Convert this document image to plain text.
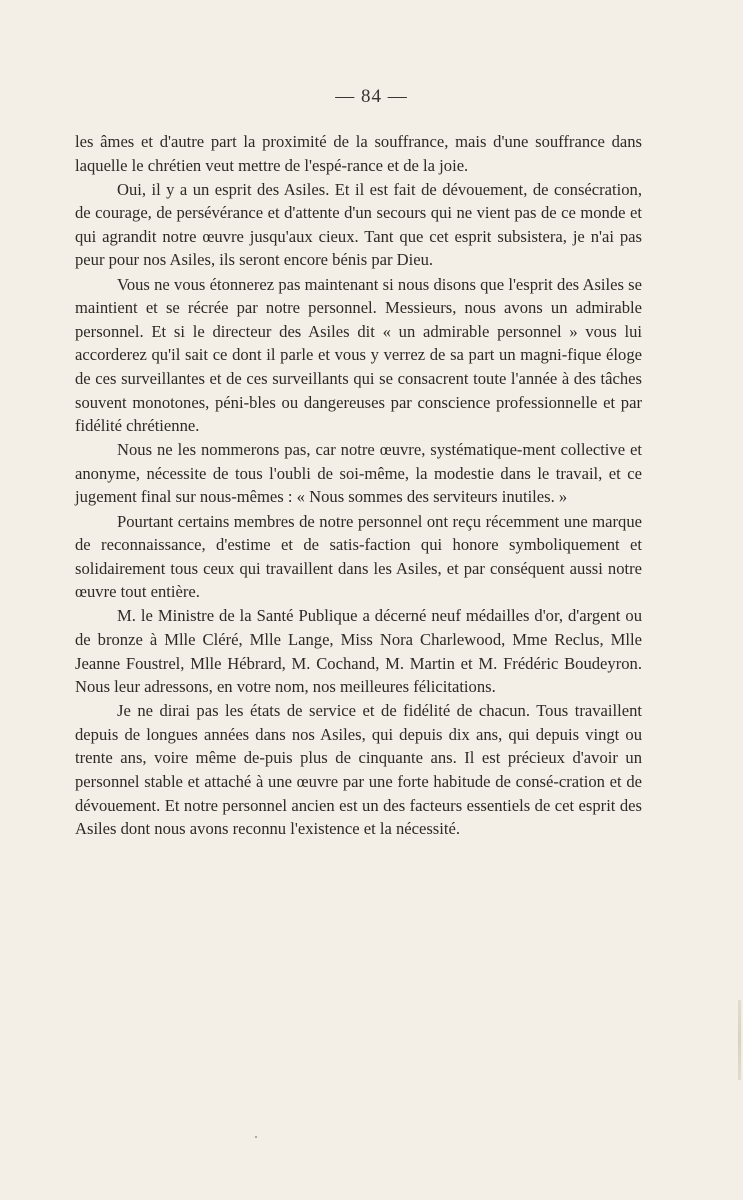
— 84 —

les âmes et d'autre part la proximité de la souffrance, mais d'une souffrance dans laquelle le chrétien veut mettre de l'espé-rance et de la joie.

Oui, il y a un esprit des Asiles. Et il est fait de dévouement, de consécration, de courage, de persévérance et d'attente d'un secours qui ne vient pas de ce monde et qui agrandit notre œuvre jusqu'aux cieux. Tant que cet esprit subsistera, je n'ai pas peur pour nos Asiles, ils seront encore bénis par Dieu.

Vous ne vous étonnerez pas maintenant si nous disons que l'esprit des Asiles se maintient et se récrée par notre personnel. Messieurs, nous avons un admirable personnel. Et si le directeur des Asiles dit « un admirable personnel » vous lui accorderez qu'il sait ce dont il parle et vous y verrez de sa part un magni-fique éloge de ces surveillantes et de ces surveillants qui se consacrent toute l'année à des tâches souvent monotones, péni-bles ou dangereuses par conscience professionnelle et par fidélité chrétienne.

Nous ne les nommerons pas, car notre œuvre, systématique-ment collective et anonyme, nécessite de tous l'oubli de soi-même, la modestie dans le travail, et ce jugement final sur nous-mêmes : « Nous sommes des serviteurs inutiles. »

Pourtant certains membres de notre personnel ont reçu récemment une marque de reconnaissance, d'estime et de satis-faction qui honore symboliquement et solidairement tous ceux qui travaillent dans les Asiles, et par conséquent aussi notre œuvre tout entière.

M. le Ministre de la Santé Publique a décerné neuf médailles d'or, d'argent ou de bronze à Mlle Cléré, Mlle Lange, Miss Nora Charlewood, Mme Reclus, Mlle Jeanne Foustrel, Mlle Hébrard, M. Cochand, M. Martin et M. Frédéric Boudeyron. Nous leur adressons, en votre nom, nos meilleures félicitations.

Je ne dirai pas les états de service et de fidélité de chacun. Tous travaillent depuis de longues années dans nos Asiles, qui depuis dix ans, qui depuis vingt ou trente ans, voire même de-puis plus de cinquante ans. Il est précieux d'avoir un personnel stable et attaché à une œuvre par une forte habitude de consé-cration et de dévouement. Et notre personnel ancien est un des facteurs essentiels de cet esprit des Asiles dont nous avons reconnu l'existence et la nécessité.
